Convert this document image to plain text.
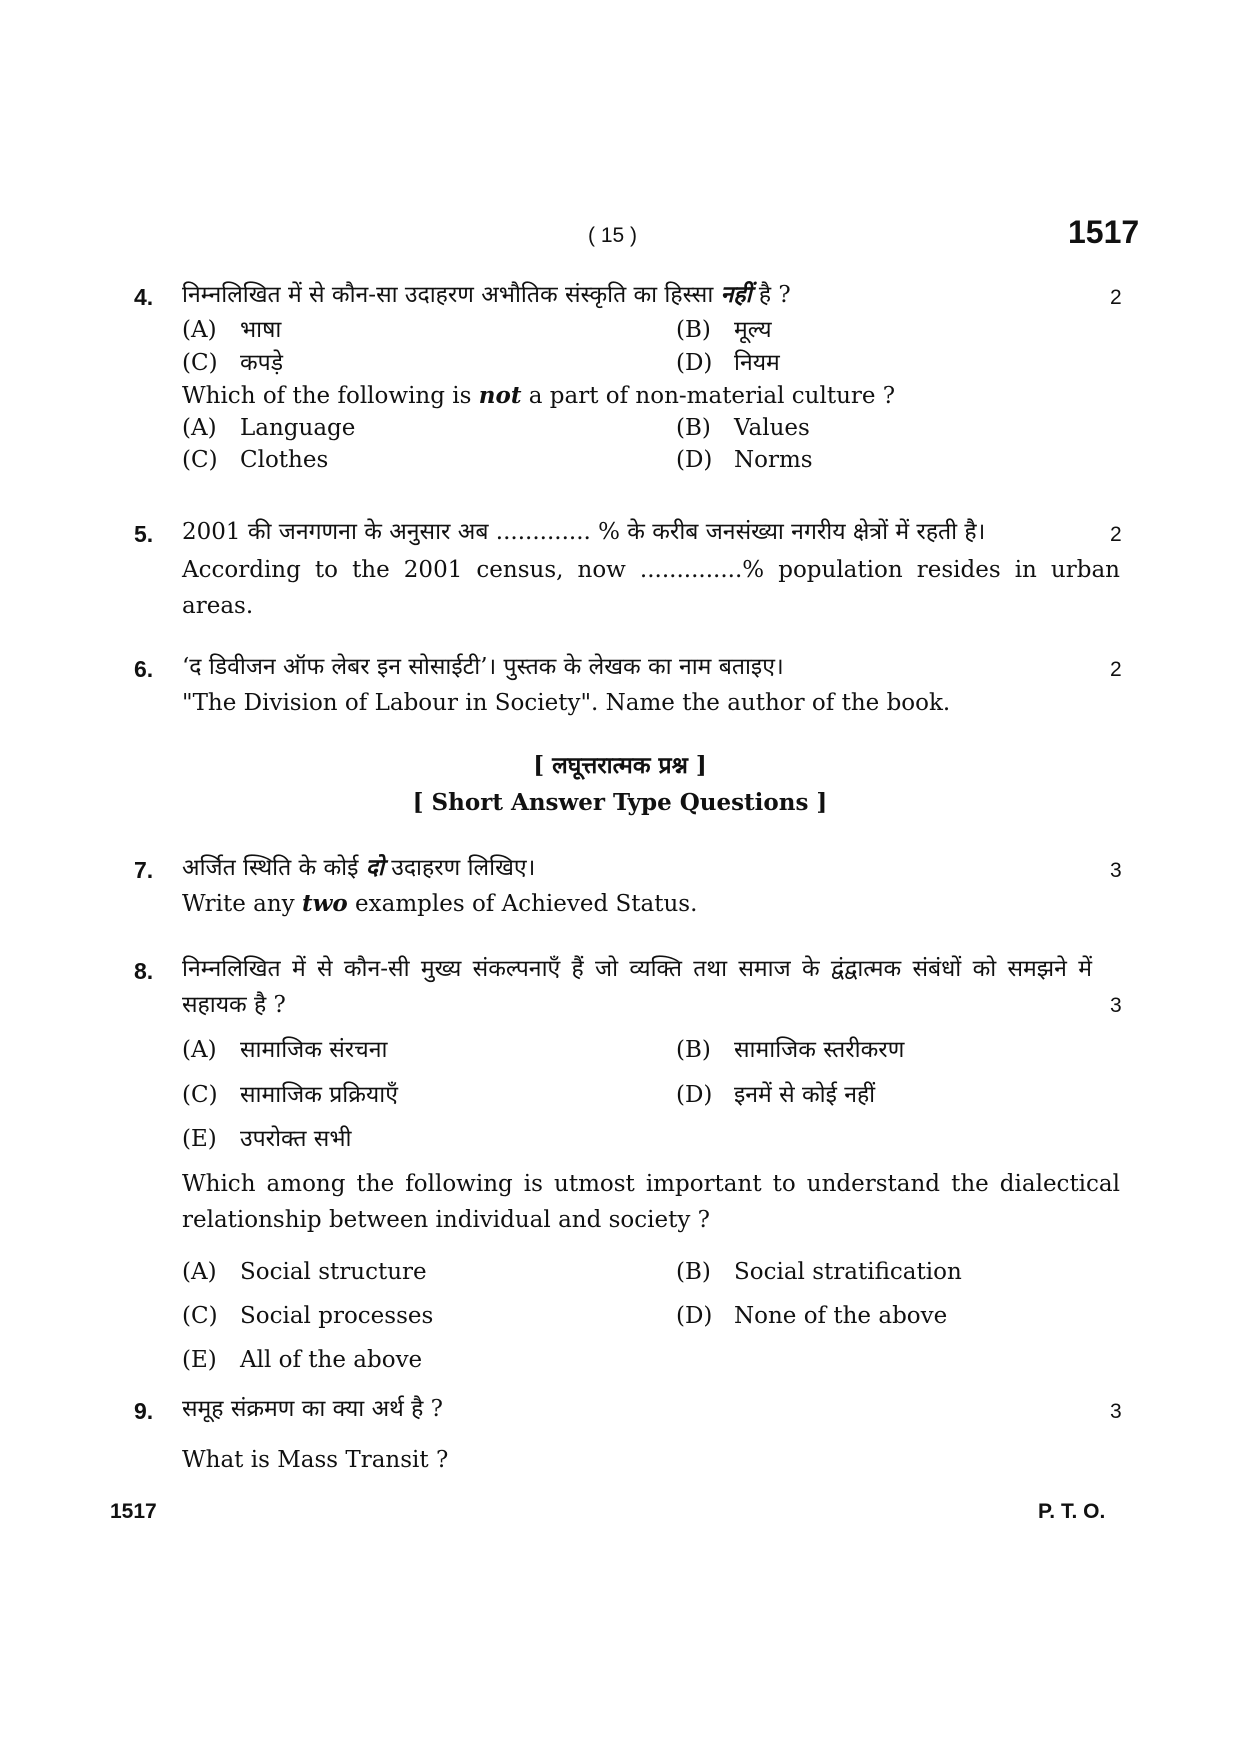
( 15 )	1517
4. निम्नलिखित में से कौन-सा उदाहरण अभौतिक संस्कृति का हिस्सा नहीं है ?	2
(A) भाषा	(B) मूल्य
(C) कपड़े	(D) नियम
Which of the following is not a part of non-material culture ?
(A) Language	(B) Values
(C) Clothes	(D) Norms
5. 2001 की जनगणना के अनुसार अब ............. % के करीब जनसंख्या नगरीय क्षेत्रों में रहती है।	2
According to the 2001 census, now ..............% population resides in urban areas.
6. ‘द डिवीजन ऑफ लेबर इन सोसाईटी’। पुस्तक के लेखक का नाम बताइए।	2
"The Division of Labour in Society". Name the author of the book.
[ लघूत्तरात्मक प्रश्न ]
[ Short Answer Type Questions ]
7. अर्जित स्थिति के कोई दो उदाहरण लिखिए।	3
Write any two examples of Achieved Status.
8. निम्नलिखित में से कौन-सी मुख्य संकल्पनाएँ हैं जो व्यक्ति तथा समाज के द्वंद्वात्मक संबंधों को समझने में सहायक है ?	3
(A) सामाजिक संरचना	(B) सामाजिक स्तरीकरण
(C) सामाजिक प्रक्रियाएँ	(D) इनमें से कोई नहीं
(E) उपरोक्त सभी
Which among the following is utmost important to understand the dialectical relationship between individual and society ?
(A) Social structure	(B) Social stratification
(C) Social processes	(D) None of the above
(E) All of the above
9. समूह संक्रमण का क्या अर्थ है ?	3
What is Mass Transit ?
1517	P. T. O.
